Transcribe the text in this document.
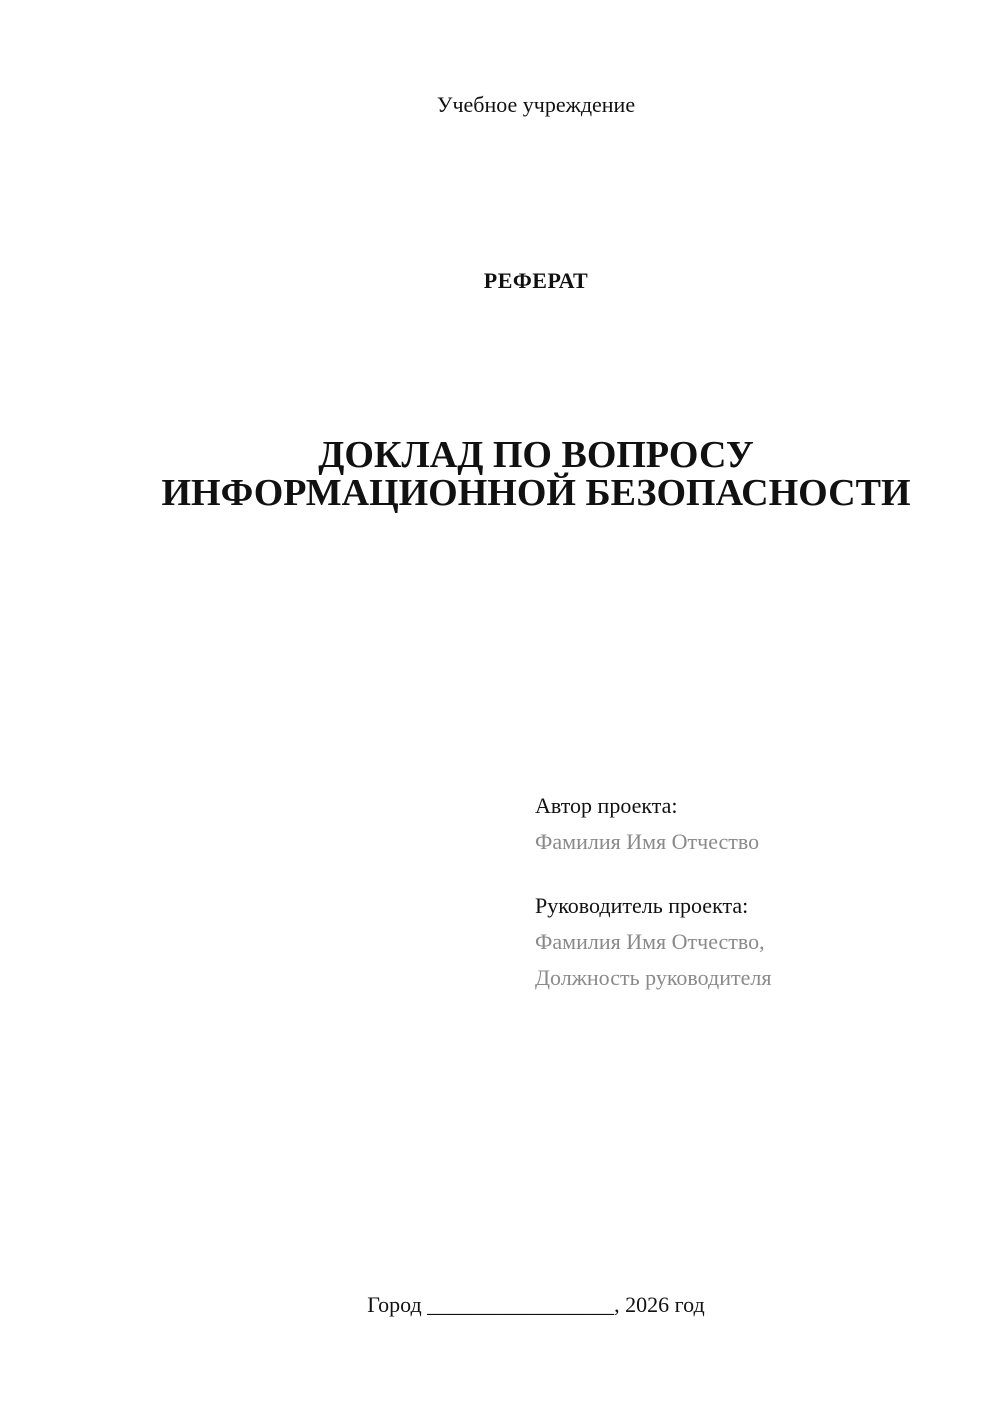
Учебное учреждение
РЕФЕРАТ
ДОКЛАД ПО ВОПРОСУ
ИНФОРМАЦИОННОЙ БЕЗОПАСНОСТИ
Автор проекта:
Фамилия Имя Отчество
Руководитель проекта:
Фамилия Имя Отчество,
Должность руководителя
Город _________________, 2026 год
